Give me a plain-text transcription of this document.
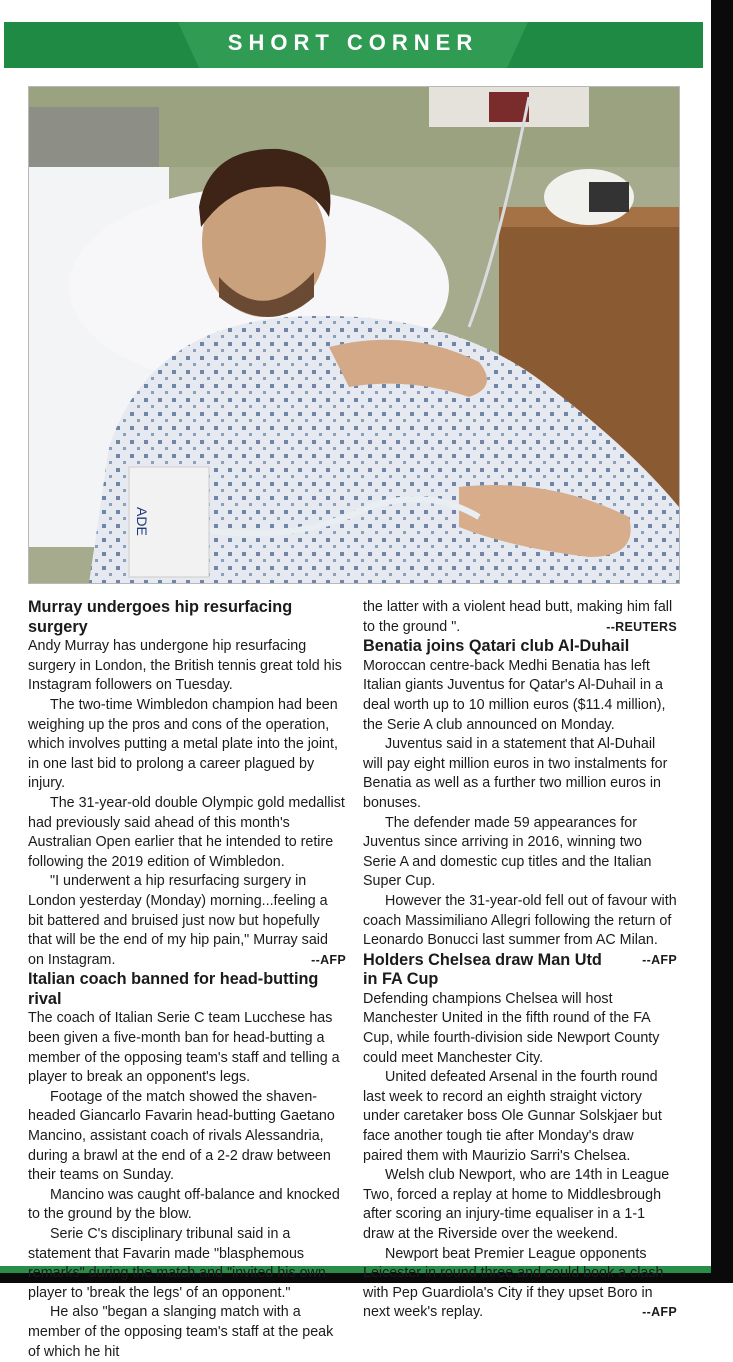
SHORT CORNER
ADE

Murray undergoes hip resurfacing surgery

Andy Murray has undergone hip resurfacing surgery in London, the British tennis great told his Instagram followers on Tuesday.

The two-time Wimbledon champion had been weighing up the pros and cons of the operation, which involves putting a metal plate into the joint, in one last bid to prolong a career plagued by injury.

The 31-year-old double Olympic gold medallist had previously said ahead of this month's Australian Open earlier that he intended to retire following the 2019 edition of Wimbledon.

"I underwent a hip resurfacing surgery in London yesterday (Monday) morning...feeling a bit battered and bruised just now but hopefully that will be the end of my hip pain," Murray said on Instagram.	--AFP

Italian coach banned for head-butting rival

The coach of Italian Serie C team Lucchese has been given a five-month ban for head-butting a member of the opposing team's staff and telling a player to break an opponent's legs.

Footage of the match showed the shaven-headed Giancarlo Favarin head-butting Gaetano Mancino, assistant coach of rivals Alessandria, during a brawl at the end of a 2-2 draw between their teams on Sunday.

Mancino was caught off-balance and knocked to the ground by the blow.

Serie C's disciplinary tribunal said in a statement that Favarin made "blasphemous remarks" during the match and "invited his own player to 'break the legs' of an opponent."

He also "began a slanging match with a member of the opposing team's staff at the peak of which he hit

the latter with a violent head butt, making him fall to the ground ".	--REUTERS

Benatia joins Qatari club Al-Duhail

Moroccan centre-back Medhi Benatia has left Italian giants Juventus for Qatar's Al-Duhail in a deal worth up to 10 million euros ($11.4 million), the Serie A club announced on Monday.

Juventus said in a statement that Al-Duhail will pay eight million euros in two instalments for Benatia as well as a further two million euros in bonuses.

The defender made 59 appearances for Juventus since arriving in 2016, winning two Serie A and domestic cup titles and the Italian Super Cup.

However the 31-year-old fell out of favour with coach Massimiliano Allegri following the return of Leonardo Bonucci last summer from AC Milan.
--AFP

Holders Chelsea draw Man Utd in FA Cup

Defending champions Chelsea will host Manchester United in the fifth round of the FA Cup, while fourth-division side Newport County could meet Manchester City.

United defeated Arsenal in the fourth round last week to record an eighth straight victory under caretaker boss Ole Gunnar Solskjaer but face another tough tie after Monday's draw paired them with Maurizio Sarri's Chelsea.

Welsh club Newport, who are 14th in League Two, forced a replay at home to Middlesbrough after scoring an injury-time equaliser in a 1-1 draw at the Riverside over the weekend.

Newport beat Premier League opponents Leicester in round three and could book a clash with Pep Guardiola's City if they upset Boro in next week's replay.	--AFP
